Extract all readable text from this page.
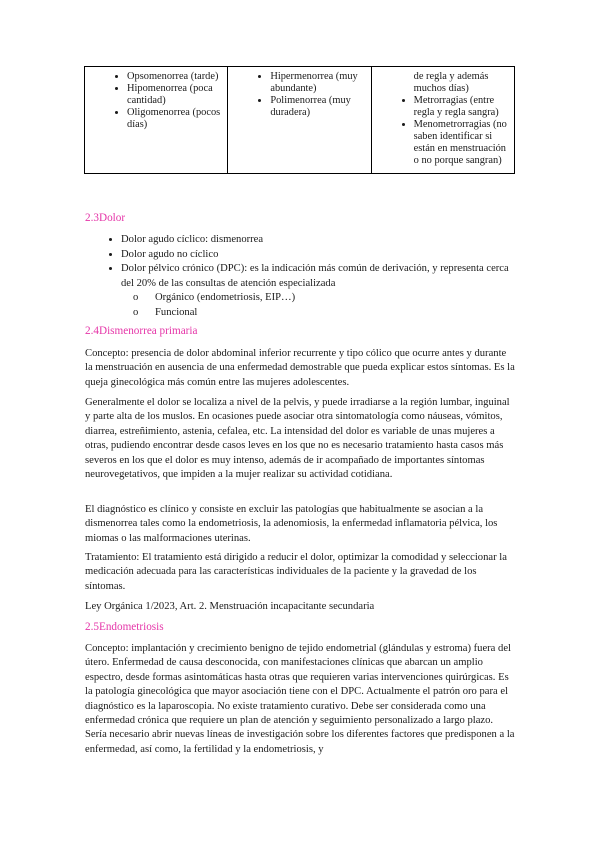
• Opsomenorrea (tarde)
• Hipomenorrea (poca cantidad)
• Oligomenorrea (pocos días)

• Hipermenorrea (muy abundante)
• Polimenorrea (muy duradera)

de regla y además muchos días)
• Metrorragias (entre regla y regla sangra)
• Menometrorragias (no saben identificar si están en menstruación o no porque sangran)
2.3Dolor
• Dolor agudo cíclico: dismenorrea
• Dolor agudo no cíclico
• Dolor pélvico crónico (DPC): es la indicación más común de derivación, y representa cerca del 20% de las consultas de atención especializada
o Orgánico (endometriosis, EIP…)
o Funcional
2.4Dismenorrea primaria

Concepto: presencia de dolor abdominal inferior recurrente y tipo cólico que ocurre antes y durante la menstruación en ausencia de una enfermedad demostrable que pueda explicar estos síntomas. Es la queja ginecológica más común entre las mujeres adolescentes.

Generalmente el dolor se localiza a nivel de la pelvis, y puede irradiarse a la región lumbar, inguinal y parte alta de los muslos. En ocasiones puede asociar otra sintomatología como náuseas, vómitos, diarrea, estreñimiento, astenia, cefalea, etc. La intensidad del dolor es variable de unas mujeres a otras, pudiendo encontrar desde casos leves en los que no es necesario tratamiento hasta casos más severos en los que el dolor es muy intenso, además de ir acompañado de importantes síntomas neurovegetativos, que impiden a la mujer realizar su actividad cotidiana.

El diagnóstico es clínico y consiste en excluir las patologías que habitualmente se asocian a la dismenorrea tales como la endometriosis, la adenomiosis, la enfermedad inflamatoria pélvica, los miomas o las malformaciones uterinas.

Tratamiento: El tratamiento está dirigido a reducir el dolor, optimizar la comodidad y seleccionar la medicación adecuada para las características individuales de la paciente y la gravedad de los síntomas.

Ley Orgánica 1/2023, Art. 2. Menstruación incapacitante secundaria

2.5Endometriosis

Concepto: implantación y crecimiento benigno de tejido endometrial (glándulas y estroma) fuera del útero. Enfermedad de causa desconocida, con manifestaciones clínicas que abarcan un amplio espectro, desde formas asintomáticas hasta otras que requieren varias intervenciones quirúrgicas. Es la patología ginecológica que mayor asociación tiene con el DPC. Actualmente el patrón oro para el diagnóstico es la laparoscopia. No existe tratamiento curativo. Debe ser considerada como una enfermedad crónica que requiere un plan de atención y seguimiento personalizado a largo plazo. Sería necesario abrir nuevas líneas de investigación sobre los diferentes factores que predisponen a la enfermedad, así como, la fertilidad y la endometriosis, y
